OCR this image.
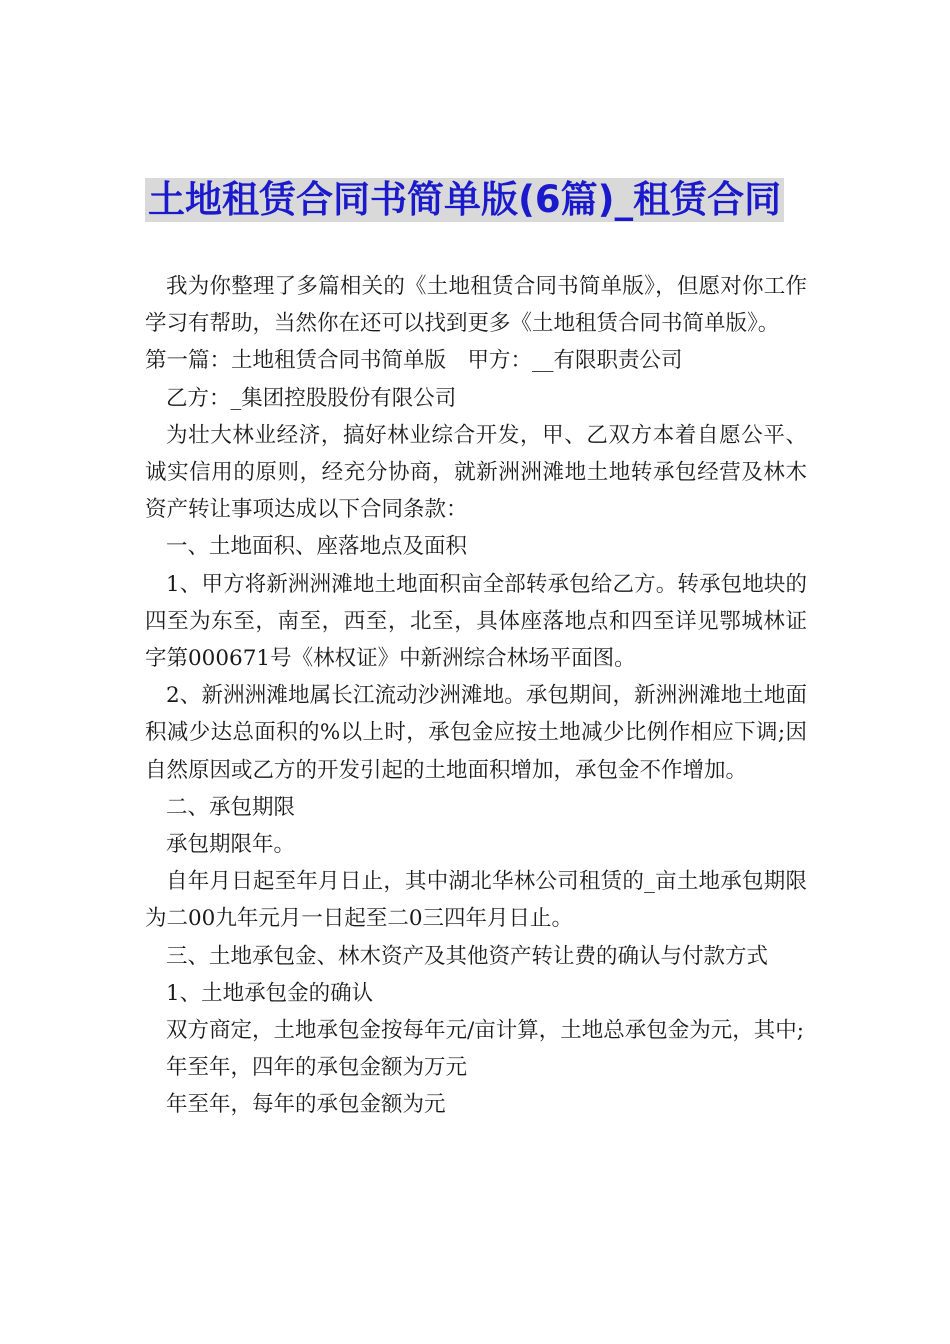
土地租赁合同书简单版(6篇)_租赁合同

我为你整理了多篇相关的《土地租赁合同书简单版》，但愿对你工作学习有帮助，当然你在还可以找到更多《土地租赁合同书简单版》。

第一篇：土地租赁合同书简单版　甲方：__有限职责公司

乙方：_集团控股股份有限公司

为壮大林业经济，搞好林业综合开发，甲、乙双方本着自愿公平、诚实信用的原则，经充分协商，就新洲洲滩地土地转承包经营及林木资产转让事项达成以下合同条款：

一、土地面积、座落地点及面积

1、甲方将新洲洲滩地土地面积亩全部转承包给乙方。转承包地块的四至为东至，南至，西至，北至，具体座落地点和四至详见鄂城林证字第000671号《林权证》中新洲综合林场平面图。

2、新洲洲滩地属长江流动沙洲滩地。承包期间，新洲洲滩地土地面积减少达总面积的%以上时，承包金应按土地减少比例作相应下调;因自然原因或乙方的开发引起的土地面积增加，承包金不作增加。

二、承包期限

承包期限年。

自年月日起至年月日止，其中湖北华林公司租赁的_亩土地承包期限为二00九年元月一日起至二0三四年月日止。

三、土地承包金、林木资产及其他资产转让费的确认与付款方式

1、土地承包金的确认

双方商定，土地承包金按每年元/亩计算，土地总承包金为元，其中;

年至年，四年的承包金额为万元

年至年，每年的承包金额为元
